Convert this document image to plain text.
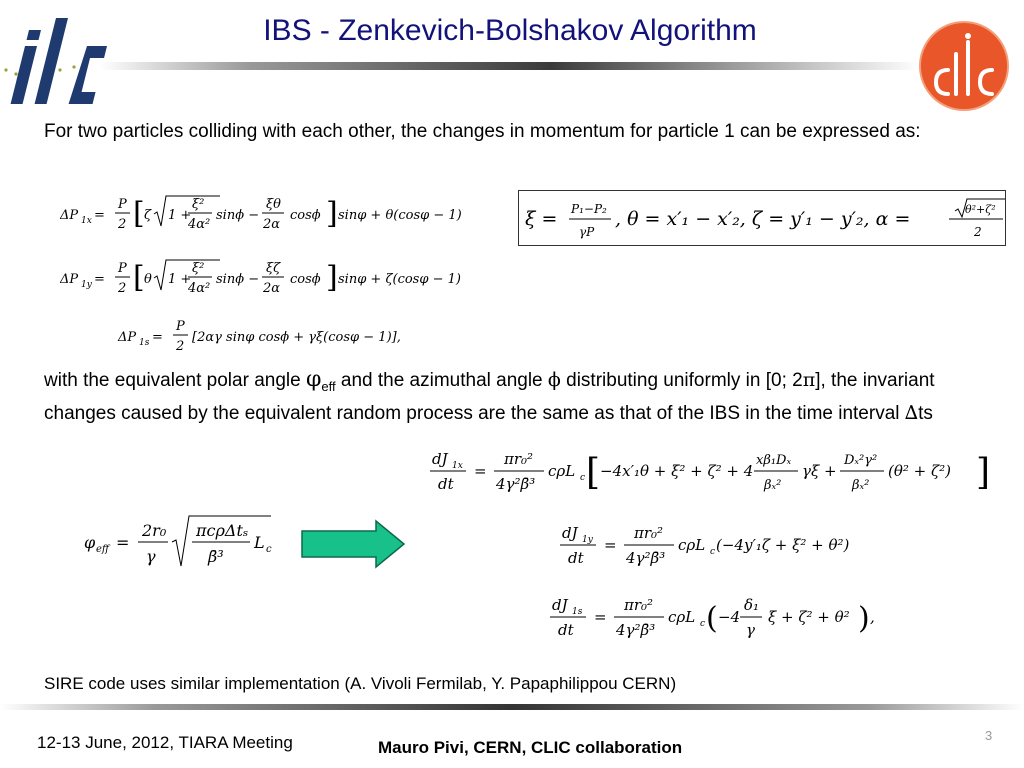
IBS - Zenkevich-Bolshakov Algorithm
For two particles colliding with each other, the changes in momentum for particle 1 can be expressed as:
ΔP 1x =
P
2 [ ζ 1 +
ξ²
4α²
sinϕ −
ξθ
2α
cosϕ ] sinφ + θ(cosφ − 1)
ΔP 1y =
P
2 [ θ 1 +
ξ²
4α²
sinϕ −
ξζ
2α
cosϕ ] sinφ + ζ(cosφ − 1)
ΔP 1s =
P
2
[2αγ sinφ cosϕ + γξ(cosφ − 1)],
ξ = P₁−P₂
γP
, θ = x′₁ − x′₂, ζ = y′₁ − y′₂, α =	θ²+ζ²
2
with the equivalent polar angle $\varphi_{eff}$ and the azimuthal angle ϕ distributing uniformly in [0; 2π], the invariant changes caused by the equivalent random process are the same as that of the IBS in the time interval ∆ts
dJ 1x
dt
=
πr₀²
4γ²β̄³
cρL c [ −4x′₁θ + ξ² + ζ² + 4
xβ₁Dₓ
βₓ²
γξ +
Dₓ²γ²
βₓ²
(θ² + ζ²) ]
φ eff =
2r₀
γ
πcρΔtₛ
β̄³
L c
dJ 1y
dt
=
πr₀²
4γ²β̄³
cρL c (−4y′₁ζ + ξ² + θ²)
dJ 1s
dt
=
πr₀²
4γ²β̄³
cρL c ( −4
δ₁
γ
ξ + ζ² + θ² ) ,
SIRE code uses similar implementation (A. Vivoli Fermilab, Y. Papaphilippou CERN)
12-13 June, 2012, TIARA Meeting	Mauro Pivi, CERN, CLIC collaboration
3
